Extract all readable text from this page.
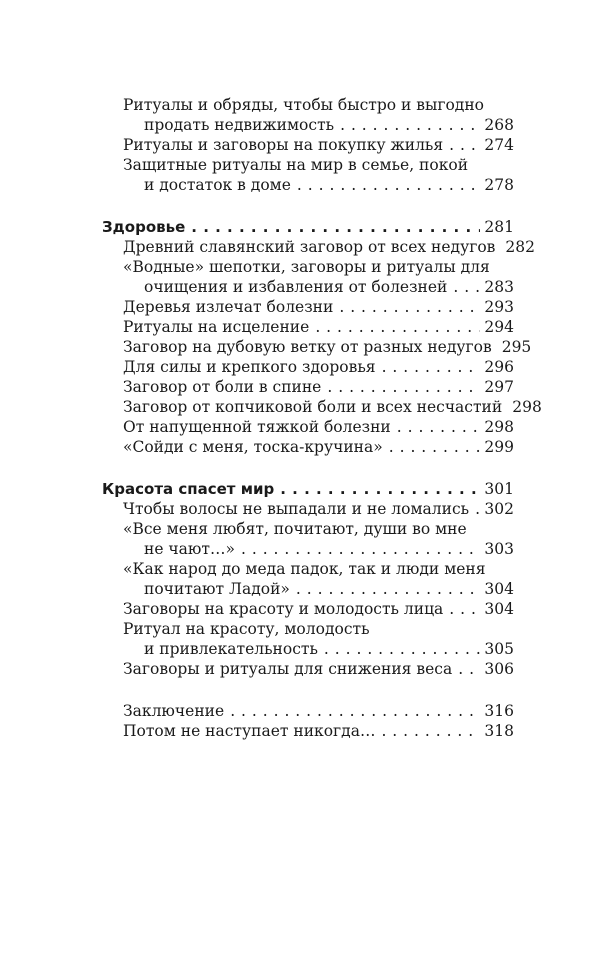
Ритуалы и обряды, чтобы быстро и выгодно
продать недвижимость . . .	268
Ритуалы и заговоры на покупку жилья . . .	274
Защитные ритуалы на мир в семье, покой
и достаток в доме . . .	278
Здоровье . . .	281
Древний славянский заговор от всех недугов 282
«Водные» шепотки, заговоры и ритуалы для
очищения и избавления от болезней . . . 283
Деревья излечат болезни . . .	293
Ритуалы на исцеление . . .	294
Заговор на дубовую ветку от разных недугов 295
Для силы и крепкого здоровья . . .	296
Заговор от боли в спине . . .	297
Заговор от копчиковой боли и всех несчастий 298
От напущенной тяжкой болезни . . .	298
«Сойди с меня, тоска-кручина» . . .	299
Красота спасет мир . . .	301
Чтобы волосы не выпадали и не ломались . . . 302
«Все меня любят, почитают, души во мне
не чают…» . . .	303
«Как народ до меда падок, так и люди меня
почитают Ладой» . . .	304
Заговоры на красоту и молодость лица . . .	304
Ритуал на красоту, молодость
и привлекательность . . .	305
Заговоры и ритуалы для снижения веса . . . 306
Заключение . . .	316
Потом не наступает никогда… . . .	318
